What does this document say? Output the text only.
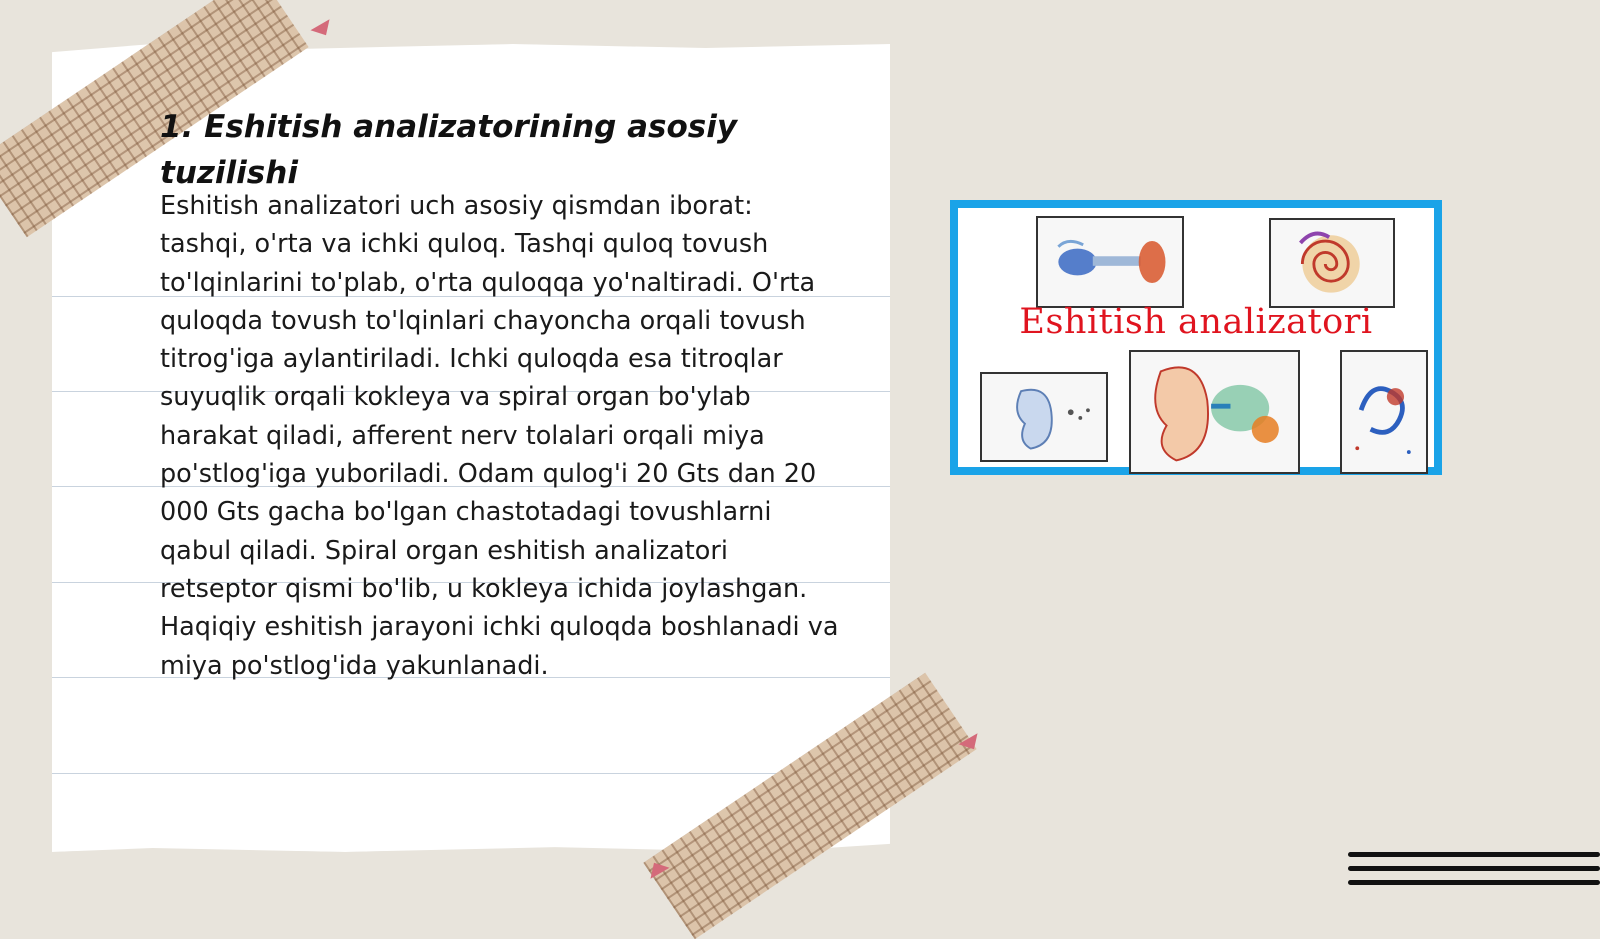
1. Eshitish analizatorining asosiy tuzilishi

Eshitish analizatori uch asosiy qismdan iborat: tashqi, o'rta va ichki quloq. Tashqi quloq tovush to'lqinlarini to'plab, o'rta quloqqa yo'naltiradi. O'rta quloqda tovush to'lqinlari chayoncha orqali tovush titrog'iga aylantiriladi. Ichki quloqda esa titroqlar suyuqlik orqali kokleya va spiral organ bo'ylab harakat qiladi, afferent nerv tolalari orqali miya po'stlog'iga yuboriladi. Odam qulog'i 20 Gts dan 20 000 Gts gacha bo'lgan chastotadagi tovushlarni qabul qiladi. Spiral organ eshitish analizatori retseptor qismi bo'lib, u kokleya ichida joylashgan. Haqiqiy eshitish jarayoni ichki quloqda boshlanadi va miya po'stlog'ida yakunlanadi.

Eshitish analizatori
